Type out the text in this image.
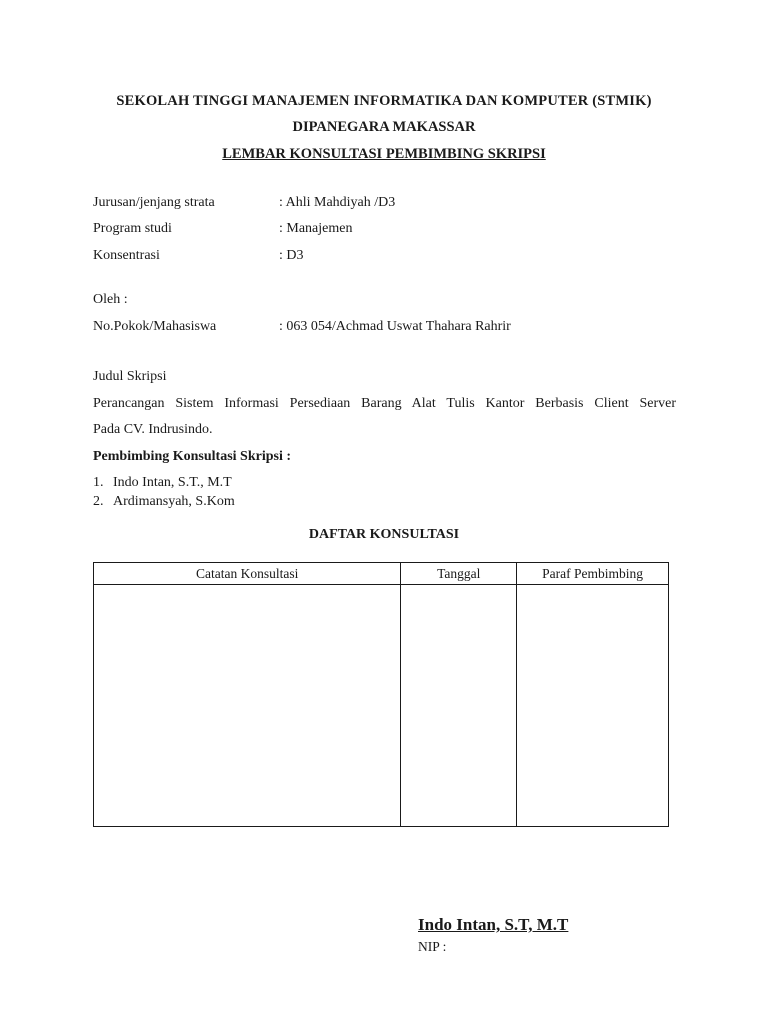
SEKOLAH TINGGI MANAJEMEN INFORMATIKA DAN KOMPUTER (STMIK)
DIPANEGARA MAKASSAR
LEMBAR KONSULTASI PEMBIMBING SKRIPSI
Jurusan/jenjang strata	: Ahli Mahdiyah /D3
Program studi	: Manajemen
Konsentrasi	: D3
Oleh :
No.Pokok/Mahasiswa	: 063 054/Achmad Uswat Thahara Rahrir
Judul Skripsi
Perancangan Sistem Informasi Persediaan Barang Alat Tulis Kantor Berbasis Client Server
Pada CV. Indrusindo.
Pembimbing Konsultasi Skripsi :
1. Indo Intan, S.T., M.T
2. Ardimansyah, S.Kom
DAFTAR KONSULTASI
Catatan Konsultasi	Tanggal	Paraf Pembimbing

Indo Intan, S.T, M.T
NIP :
